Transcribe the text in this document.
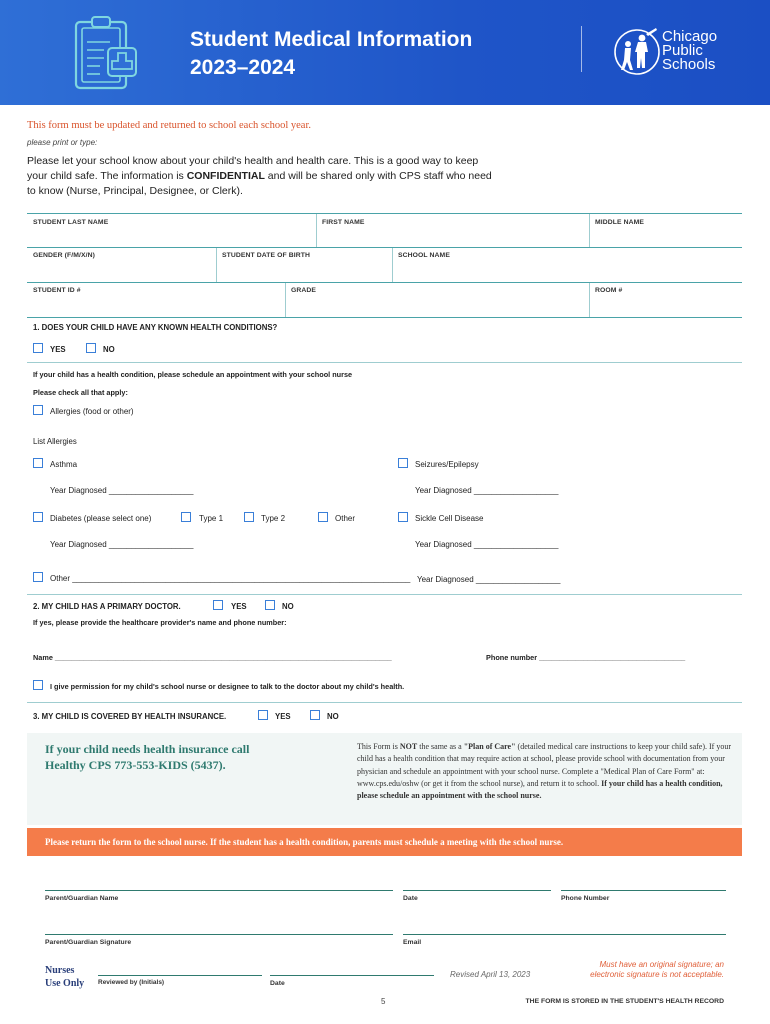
Student Medical Information
2023–2024
Chicago
Public
Schools
This form must be updated and returned to school each school year.
please print or type:
Please let your school know about your child's health and health care. This is a good way to keep your child safe. The information is CONFIDENTIAL and will be shared only with CPS staff who need to know (Nurse, Principal, Designee, or Clerk).
STUDENT LAST NAME	FIRST NAME	MIDDLE NAME
GENDER (F/M/X/N)	STUDENT DATE OF BIRTH	SCHOOL NAME
STUDENT ID #	GRADE	ROOM #
1. DOES YOUR CHILD HAVE ANY KNOWN HEALTH CONDITIONS?
YES	NO
If your child has a health condition, please schedule an appointment with your school nurse
Please check all that apply:
Allergies (food or other)
List Allergies
Asthma	Seizures/Epilepsy
Year Diagnosed ___________________	Year Diagnosed ___________________
Diabetes (please select one)	Type 1	Type 2	Other	Sickle Cell Disease
Year Diagnosed ___________________	Year Diagnosed ___________________
Other ____________________________________________________________________________ Year Diagnosed ___________________
2. MY CHILD HAS A PRIMARY DOCTOR.	YES	NO
If yes, please provide the healthcare provider's name and phone number:
Name ___________________________________________________________________________________	Phone number ____________________________________
I give permission for my child's school nurse or designee to talk to the doctor about my child's health.
3. MY CHILD IS COVERED BY HEALTH INSURANCE.	YES	NO
If your child needs health insurance call
Healthy CPS 773-553-KIDS (5437).
This Form is NOT the same as a "Plan of Care" (detailed medical care instructions to keep your child safe). If your child has a health condition that may require action at school, please provide school with documentation from your physician and schedule an appointment with your school nurse. Complete a "Medical Plan of Care Form" at: www.cps.edu/oshw (or get it from the school nurse), and return it to school. If your child has a health condition, please schedule an appointment with the school nurse.
Please return the form to the school nurse. If the student has a health condition, parents must schedule a meeting with the school nurse.
Parent/Guardian Name	Date	Phone Number
Parent/Guardian Signature	Email
Nurses
Use Only Reviewed by (Initials)	Date
Revised April 13, 2023
Must have an original signature; an electronic signature is not acceptable.
5	THE FORM IS STORED IN THE STUDENT'S HEALTH RECORD
